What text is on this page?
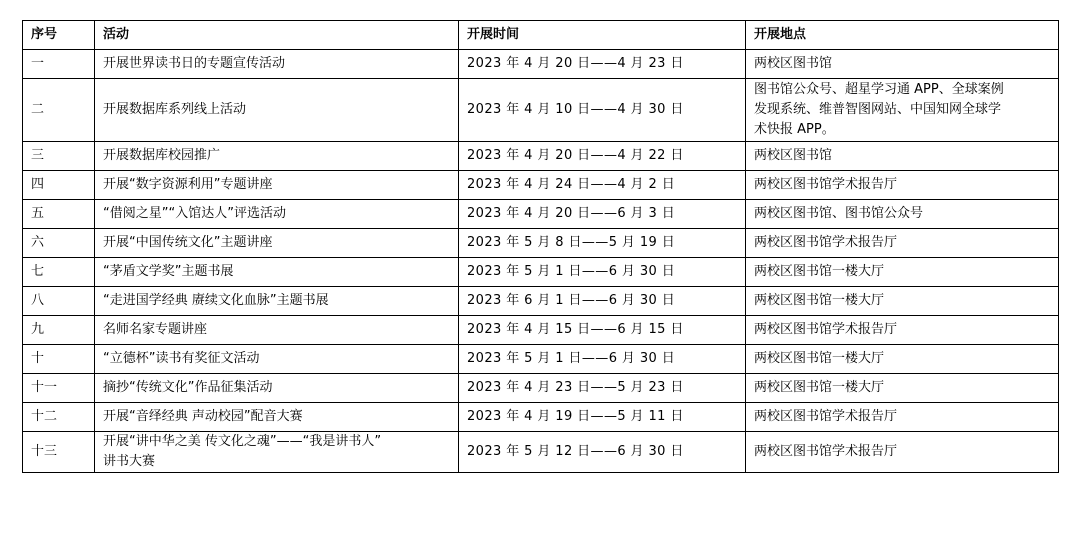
序号	活动	开展时间	开展地点
一	开展世界读书日的专题宣传活动	2023 年 4 月 20 日——4 月 23 日	两校区图书馆
二	开展数据库系列线上活动	2023 年 4 月 10 日——4 月 30 日	图书馆公众号、超星学习通 APP、全球案例
发现系统、维普智图网站、中国知网全球学
术快报 APP。

三	开展数据库校园推广	2023 年 4 月 20 日——4 月 22 日	两校区图书馆
四	开展“数字资源利用”专题讲座	2023 年 4 月 24 日——4 月 2 日	两校区图书馆学术报告厅
五	“借阅之星”“入馆达人”评选活动	2023 年 4 月 20 日——6 月 3 日	两校区图书馆、图书馆公众号
六	开展“中国传统文化”主题讲座	2023 年 5 月 8 日——5 月 19 日	两校区图书馆学术报告厅
七	“茅盾文学奖”主题书展	2023 年 5 月 1 日——6 月 30 日	两校区图书馆一楼大厅
八	“走进国学经典 赓续文化血脉”主题书展	2023 年 6 月 1 日——6 月 30 日	两校区图书馆一楼大厅
九	名师名家专题讲座	2023 年 4 月 15 日——6 月 15 日	两校区图书馆学术报告厅
十	“立德杯”读书有奖征文活动	2023 年 5 月 1 日——6 月 30 日	两校区图书馆一楼大厅
十一	摘抄“传统文化”作品征集活动	2023 年 4 月 23 日——5 月 23 日	两校区图书馆一楼大厅
十二	开展“音绎经典 声动校园”配音大赛	2023 年 4 月 19 日——5 月 11 日	两校区图书馆学术报告厅
十三	开展“讲中华之美 传文化之魂”——“我是讲书人”
讲书大赛	2023 年 5 月 12 日——6 月 30 日	两校区图书馆学术报告厅
